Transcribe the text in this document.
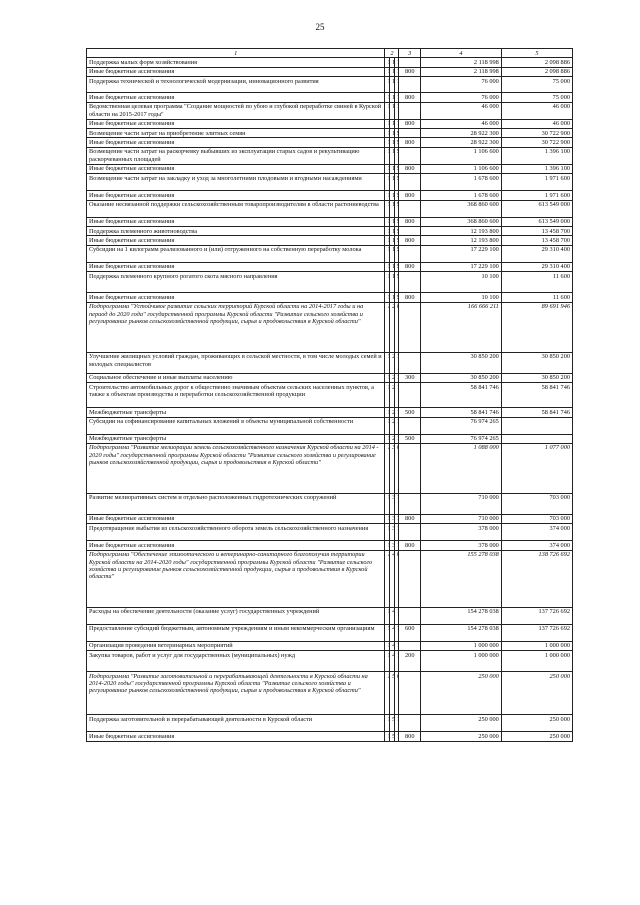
25
1	2			3	4	5
Поддержка малых форм хозяйствования					2 118 998	2 098 886
Иные бюджетные ассигнования				800	2 118 998	2 098 886
Поддержка технической и технологической модернизации, инновационного развития					76 000	75 000
Иные бюджетные ассигнования				800	76 000	75 000
Ведомственная целевая программа "Создание мощностей по убою и глубокой переработке свиней в Курской области на 2015-2017 годы"					46 000	46 000
Иные бюджетные ассигнования				800	46 000	46 000
Возмещение части затрат на приобретение элитных семян					28 922 300	30 722 900
Иные бюджетные ассигнования				800	28 922 300	30 722 900
Возмещение части затрат на раскорчевку выбывших из эксплуатации старых садов и рекультивацию раскорчеванных площадей					1 106 600	1 396 100
Иные бюджетные ассигнования				800	1 106 600	1 396 100
Возмещение части затрат на закладку и уход за многолетними плодовыми и ягодными насаждениями					1 678 600	1 971 600
Иные бюджетные ассигнования				800	1 678 600	1 971 600
Оказание несвязанной поддержки сельскохозяйственным товаропроизводителям в области растениеводства					368 860 600	613 549 000
Иные бюджетные ассигнования				800	368 860 600	613 549 000
Поддержка племенного животноводства					12 193 800	13 458 700
Иные бюджетные ассигнования				800	12 193 800	13 458 700
Субсидии на 1 килограмм реализованного и (или) отгруженного на собственную переработку молока					17 229 100	29 310 400
Иные бюджетные ассигнования				800	17 229 100	29 310 400
Поддержка племенного крупного рогатого скота мясного направления					10 100	11 600
Иные бюджетные ассигнования				800	10 100	11 600
Подпрограмма "Устойчивое развитие сельских территорий Курской области на 2014-2017 годы и на период до 2020 года" государственной программы Курской области "Развитие сельского хозяйства и регулирование рынков сельскохозяйственной продукции, сырья и продовольствия в Курской области"					166 666 211	89 691 946
Улучшение жилищных условий граждан, проживающих в сельской местности, в том числе молодых семей и молодых специалистов					30 850 200	30 850 200
Социальное обеспечение и иные выплаты населению				300	30 850 200	30 850 200
Строительство автомобильных дорог к общественно значимым объектам сельских населенных пунктов, а также к объектам производства и переработки сельскохозяйственной продукции					58 841 746	58 841 746
Межбюджетные трансферты				500	58 841 746	58 841 746
Субсидии на софинансирование капитальных вложений в объекты муниципальной собственности					76 974 265	
Межбюджетные трансферты				500	76 974 265	
Подпрограмма "Развитие мелиорации земель сельскохозяйственного назначения Курской области на 2014 - 2020 годы" государственной программы Курской области "Развитие сельского хозяйства и регулирование рынков сельскохозяйственной продукции, сырья и продовольствия в Курской области"					1 088 000	1 077 000
Развитие мелиоративных систем и отдельно расположенных гидротехнических сооружений					710 000	703 000
Иные бюджетные ассигнования				800	710 000	703 000
Предотвращение выбытия из сельскохозяйственного оборота земель сельскохозяйственного назначения					378 000	374 000
Иные бюджетные ассигнования				800	378 000	374 000
Подпрограмма "Обеспечение эпизоотического и ветеринарно-санитарного благополучия территории Курской области на 2014-2020 годы" государственной программы Курской области "Развитие сельского хозяйства и регулирование рынков сельскохозяйственной продукции, сырья и продовольствия в Курской области"					155 278 038	138 726 692
Расходы на обеспечение деятельности (оказание услуг) государственных учреждений					154 278 038	137 726 692
Предоставление субсидий бюджетным, автономным учреждениям и иным некоммерческим организациям				600	154 278 038	137 726 692
Организация проведения ветеринарных мероприятий					1 000 000	1 000 000
Закупка товаров, работ и услуг для государственных (муниципальных) нужд				200	1 000 000	1 000 000
Подпрограмма "Развитие заготовительной и перерабатывающей деятельности в Курской области на 2014-2020 годы" государственной программы Курской области "Развитие сельского хозяйства и регулирование рынков сельскохозяйственной продукции, сырья и продовольствия в Курской области"					250 000	250 000
Поддержка заготовительной и перерабатывающей деятельности в Курской области					250 000	250 000
Иные бюджетные ассигнования				800	250 000	250 000
